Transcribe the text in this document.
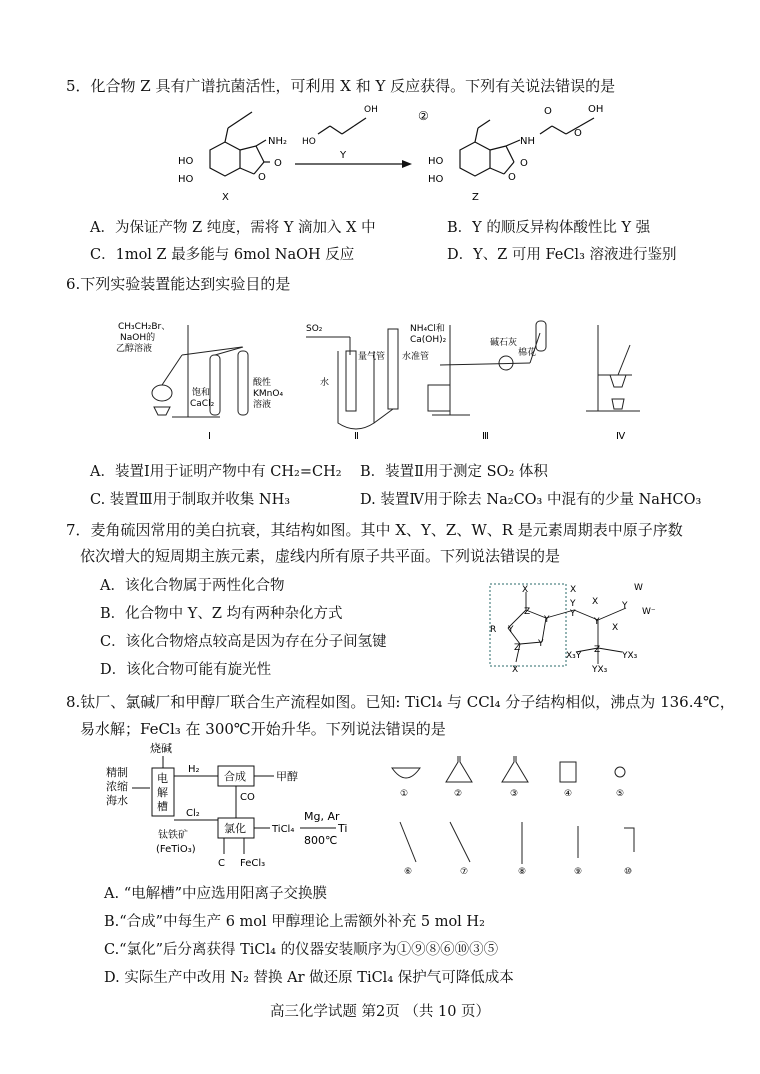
5．化合物 Z 具有广谱抗菌活性，可利用 X 和 Y 反应获得。下列有关说法错误的是
HO
HO
NH₂
O
O
X
HO
OH
Y
②
HO
HO
NH
O
O
O
O
OH
Z
A．为保证产物 Z 纯度，需将 Y 滴加入 X 中	B．Y 的顺反异构体酸性比 Y 强
C．1mol Z 最多能与 6mol NaOH 反应	D．Y、Z 可用 FeCl₃ 溶液进行鉴别
6.下列实验装置能达到实验目的是
CH₃CH₂Br、
NaOH的
乙醇溶液
饱和
CaCl₂
酸性
KMnO₄
溶液
Ⅰ
SO₂
水
量气管 水准管
Ⅱ
NH₄Cl和
Ca(OH)₂	碱石灰
棉花
Ⅲ	Ⅳ
A．装置Ⅰ用于证明产物中有 CH₂=CH₂ B．装置Ⅱ用于测定 SO₂ 体积
C. 装置Ⅲ用于制取并收集 NH₃	D. 装置Ⅳ用于除去 Na₂CO₃ 中混有的少量 NaHCO₃
7．麦角硫因常用的美白抗衰，其结构如图。其中 X、Y、Z、W、R 是元素周期表中原子序数
依次增大的短周期主族元素，虚线内所有原子共平面。下列说法错误的是
A．该化合物属于两性化合物
B．化合物中 Y、Z 均有两种杂化方式
C．该化合物熔点较高是因为存在分子间氢键
D．该化合物可能有旋光性
R Y
X
Z
Y
Y
Z
X
X
Y
Y
X
Y
Y
W
W⁻
X
Z
X₃Y	YX₃
YX₃
8.钛厂、氯碱厂和甲醇厂联合生产流程如图。已知: TiCl₄ 与 CCl₄ 分子结构相似，沸点为 136.4℃，
易水解；FeCl₃ 在 300℃开始升华。下列说法错误的是
精制
浓缩
海水
电
解
槽
烧碱
H₂
合成	甲醇
CO
Cl₂
氯化	TiCl₄
Mg, Ar
800℃
Ti
钛铁矿
(FeTiO₃)
C FeCl₃
①	②	③	④	⑤
⑥	⑦	⑧	⑨	⑩
A. “电解槽”中应选用阳离子交换膜
B.“合成”中每生产 6 mol 甲醇理论上需额外补充 5 mol H₂
C.“氯化”后分离获得 TiCl₄ 的仪器安装顺序为①⑨⑧⑥⑩③⑤
D. 实际生产中改用 N₂ 替换 Ar 做还原 TiCl₄ 保护气可降低成本
高三化学试题 第2页 （共 10 页）
